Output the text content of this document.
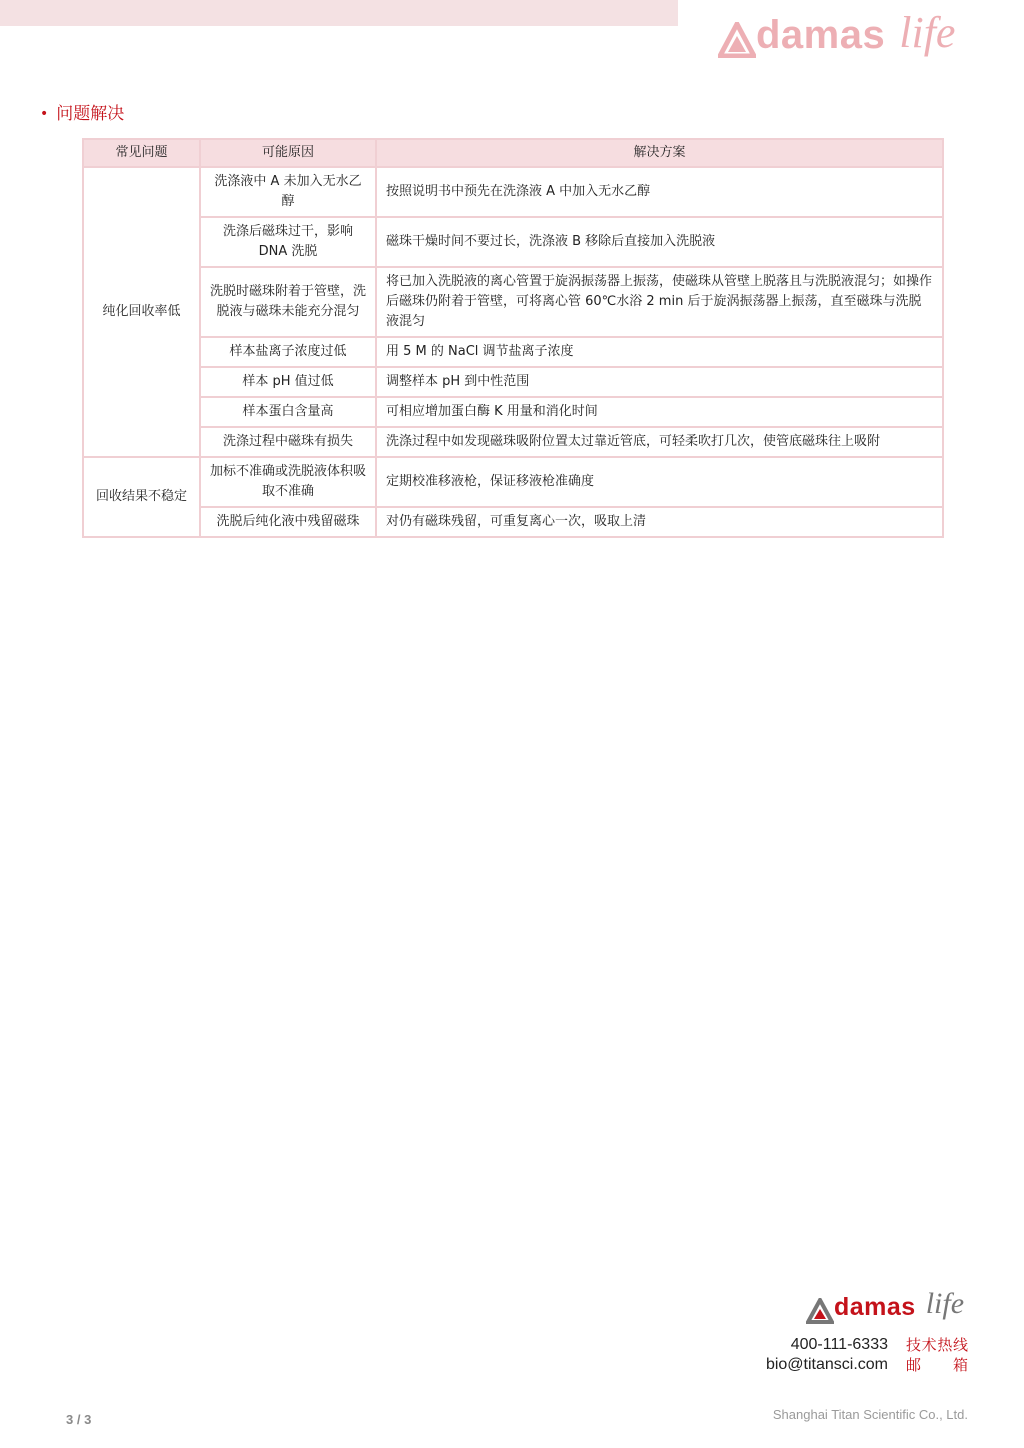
damas life
• 问题解决
常见问题	可能原因	解决方案
纯化回收率低	洗涤液中 A 未加入无水乙醇	按照说明书中预先在洗涤液 A 中加入无水乙醇
	洗涤后磁珠过干，影响 DNA 洗脱	磁珠干燥时间不要过长，洗涤液 B 移除后直接加入洗脱液
	洗脱时磁珠附着于管壁，洗脱液与磁珠未能充分混匀	将已加入洗脱液的离心管置于旋涡振荡器上振荡，使磁珠从管壁上脱落且与洗脱液混匀；如操作后磁珠仍附着于管壁，可将离心管 60℃水浴 2 min 后于旋涡振荡器上振荡，直至磁珠与洗脱液混匀
	样本盐离子浓度过低	用 5 M 的 NaCl 调节盐离子浓度
	样本 pH 值过低	调整样本 pH 到中性范围
	样本蛋白含量高	可相应增加蛋白酶 K 用量和消化时间
	洗涤过程中磁珠有损失	洗涤过程中如发现磁珠吸附位置太过靠近管底，可轻柔吹打几次，使管底磁珠往上吸附
回收结果不稳定	加标不准确或洗脱液体积吸取不准确	定期校准移液枪，保证移液枪准确度
	洗脱后纯化液中残留磁珠	对仍有磁珠残留，可重复离心一次，吸取上清
damas life
400-111-6333 技术热线
bio@titansci.com 邮箱
3 / 3	Shanghai Titan Scientific Co., Ltd.
